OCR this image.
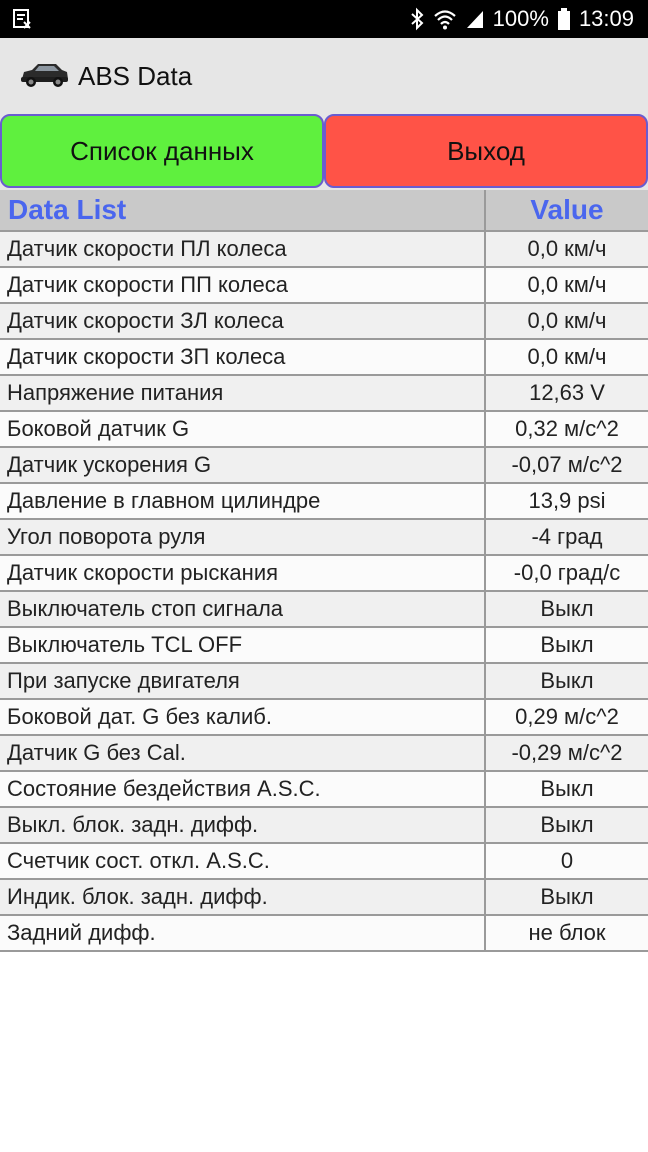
100% 13:09
ABS Data
Список данных	Выход
Data List	Value
Датчик скорости ПЛ колеса	0,0 км/ч
Датчик скорости ПП колеса	0,0 км/ч
Датчик скорости ЗЛ колеса	0,0 км/ч
Датчик скорости ЗП колеса	0,0 км/ч
Напряжение питания	12,63 V
Боковой датчик G	0,32 м/с^2
Датчик ускорения G	-0,07 м/с^2
Давление в главном цилиндре	13,9 psi
Угол поворота руля	-4 град
Датчик скорости рыскания	-0,0 град/с
Выключатель стоп сигнала	Выкл
Выключатель TCL OFF	Выкл
При запуске двигателя	Выкл
Боковой дат. G без калиб.	0,29 м/с^2
Датчик G без Cal.	-0,29 м/с^2
Состояние бездействия A.S.C.	Выкл
Выкл. блок. задн. дифф.	Выкл
Счетчик сост. откл. A.S.C.	0
Индик. блок. задн. дифф.	Выкл
Задний дифф.	не блок
